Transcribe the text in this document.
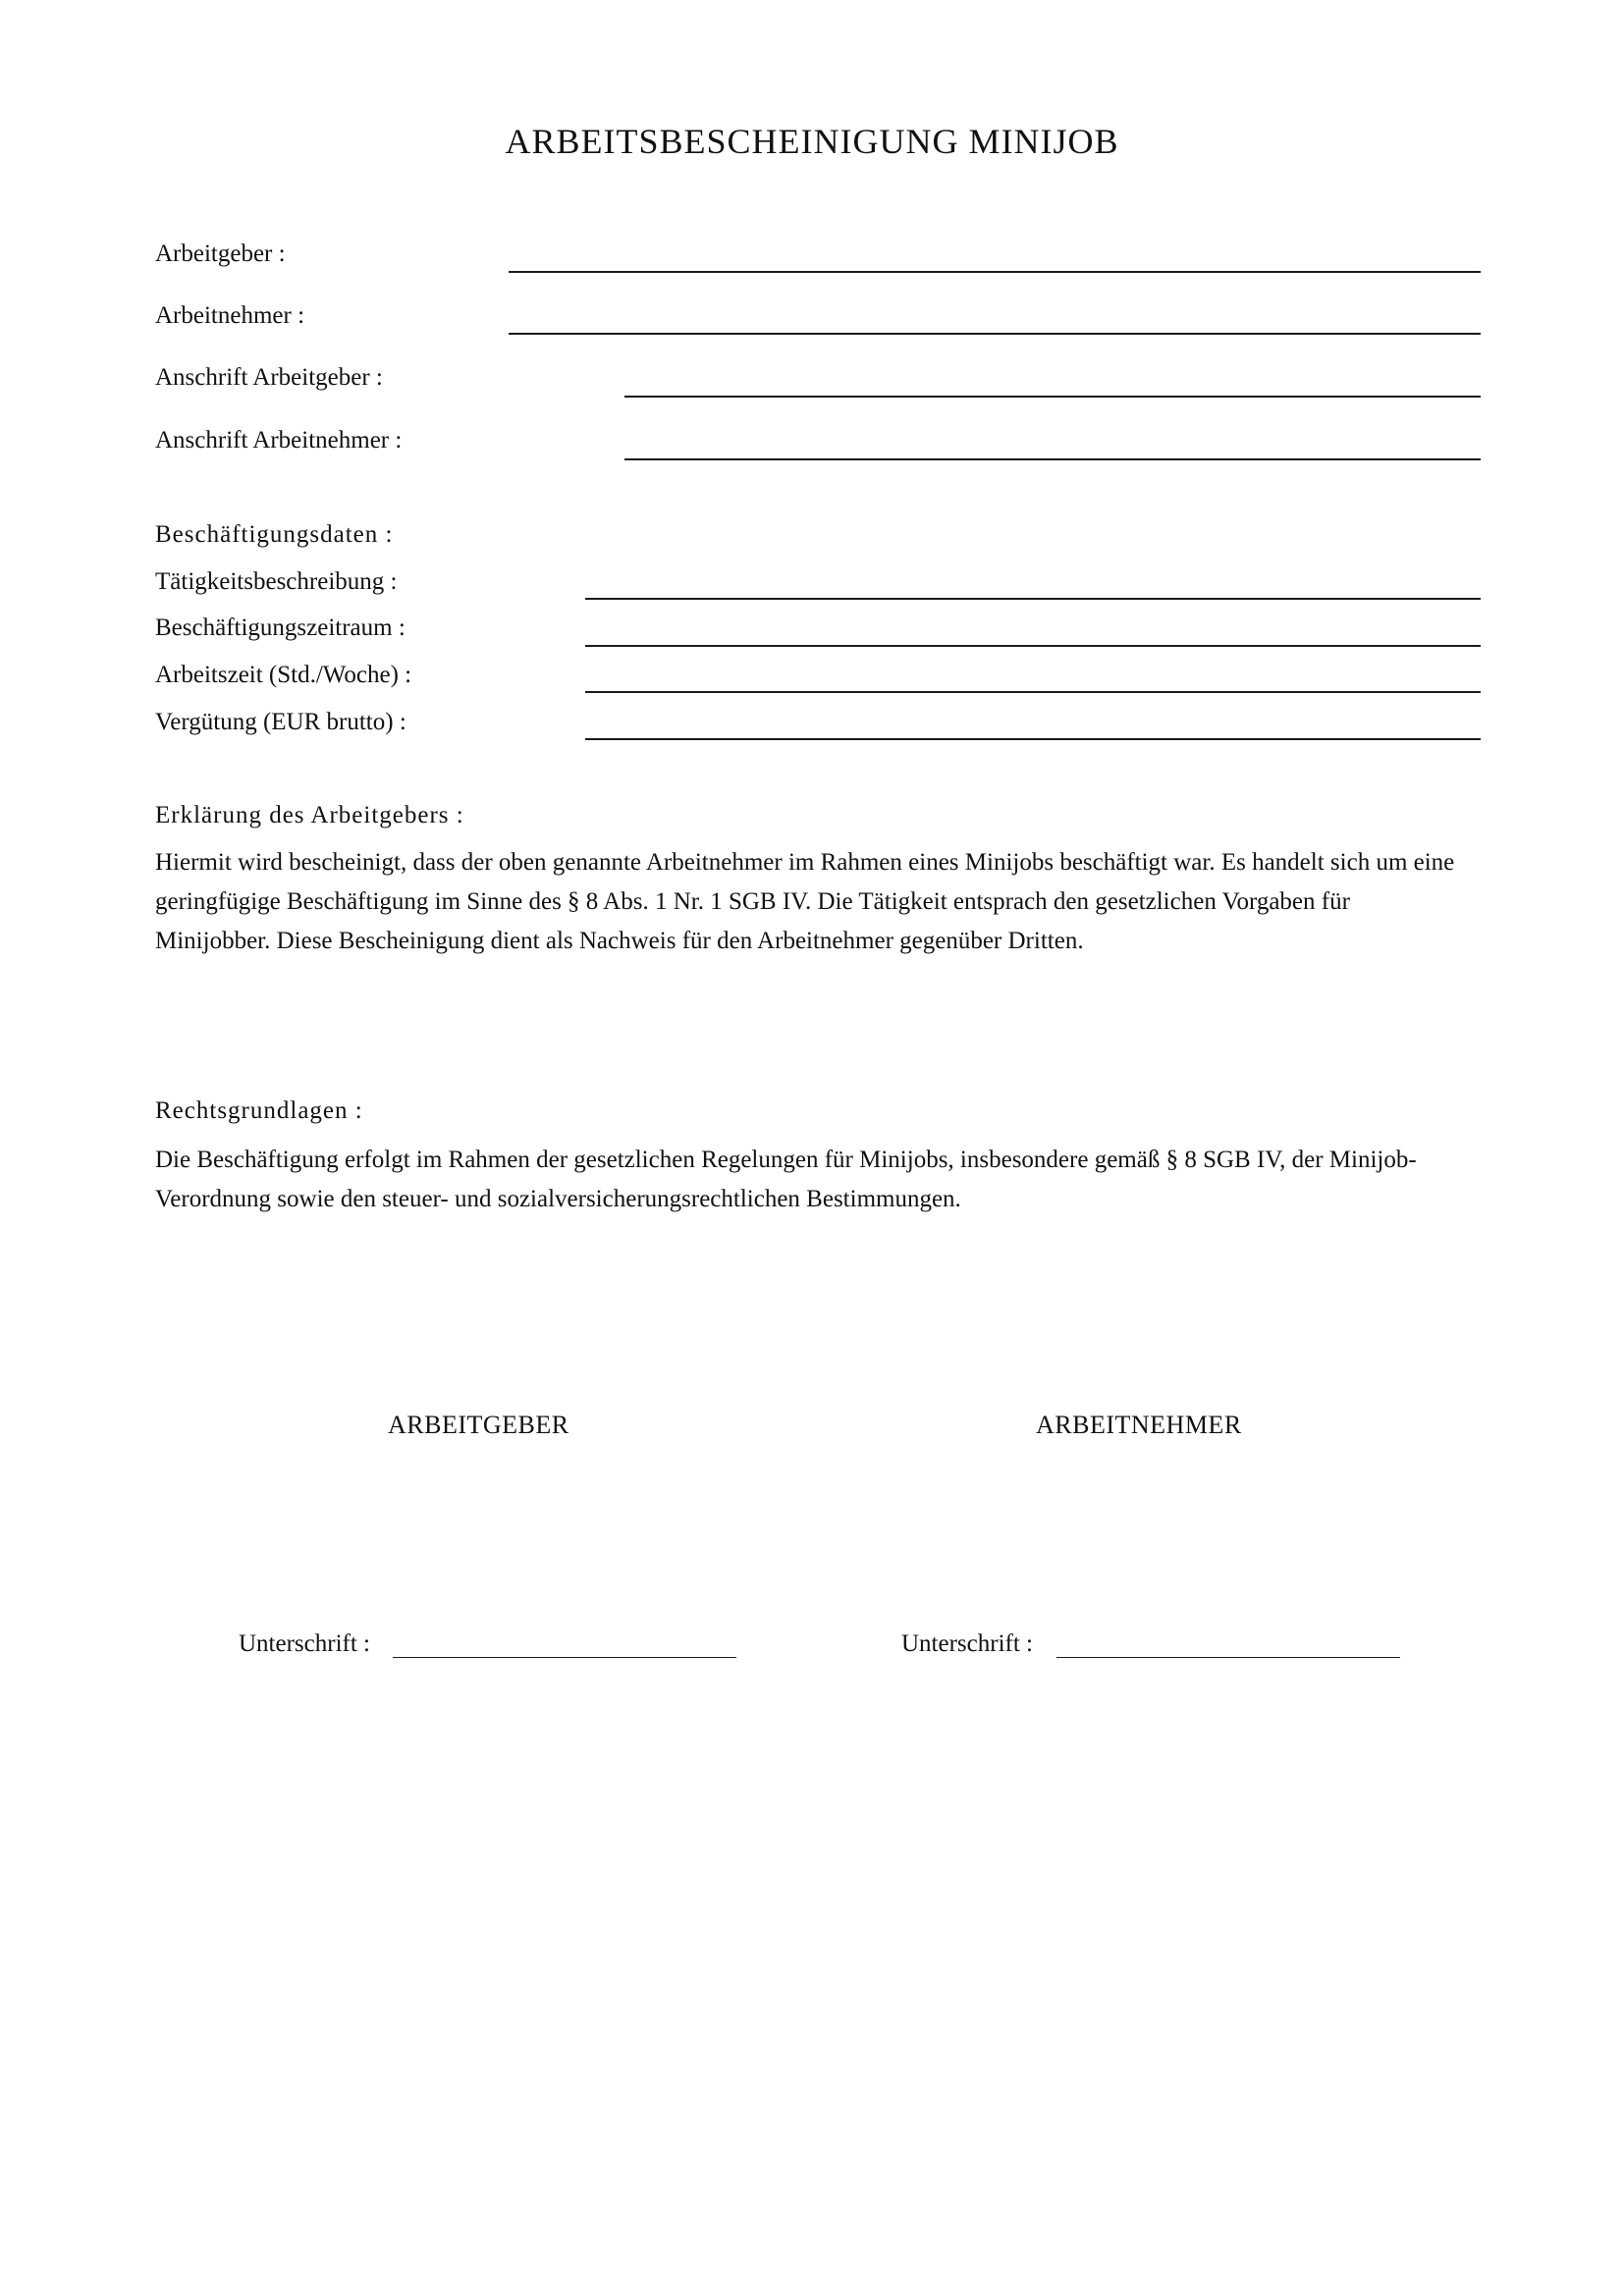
ARBEITSBESCHEINIGUNG MINIJOB
Arbeitgeber :
Arbeitnehmer :
Anschrift Arbeitgeber :
Anschrift Arbeitnehmer :
Beschäftigungsdaten :
Tätigkeitsbeschreibung :
Beschäftigungszeitraum :
Arbeitszeit (Std./Woche) :
Vergütung (EUR brutto) :
Erklärung des Arbeitgebers :

Hiermit wird bescheinigt, dass der oben genannte Arbeitnehmer im Rahmen eines Minijobs beschäftigt war. Es handelt sich um eine geringfügige Beschäftigung im Sinne des § 8 Abs. 1 Nr. 1 SGB IV. Die Tätigkeit entsprach den gesetzlichen Vorgaben für Minijobber. Diese Bescheinigung dient als Nachweis für den Arbeitnehmer gegenüber Dritten.

Rechtsgrundlagen :

Die Beschäftigung erfolgt im Rahmen der gesetzlichen Regelungen für Minijobs, insbesondere gemäß § 8 SGB IV, der Minijob-Verordnung sowie den steuer- und sozialversicherungsrechtlichen Bestimmungen.

ARBEITGEBER	ARBEITNEHMER
Unterschrift :	Unterschrift :
